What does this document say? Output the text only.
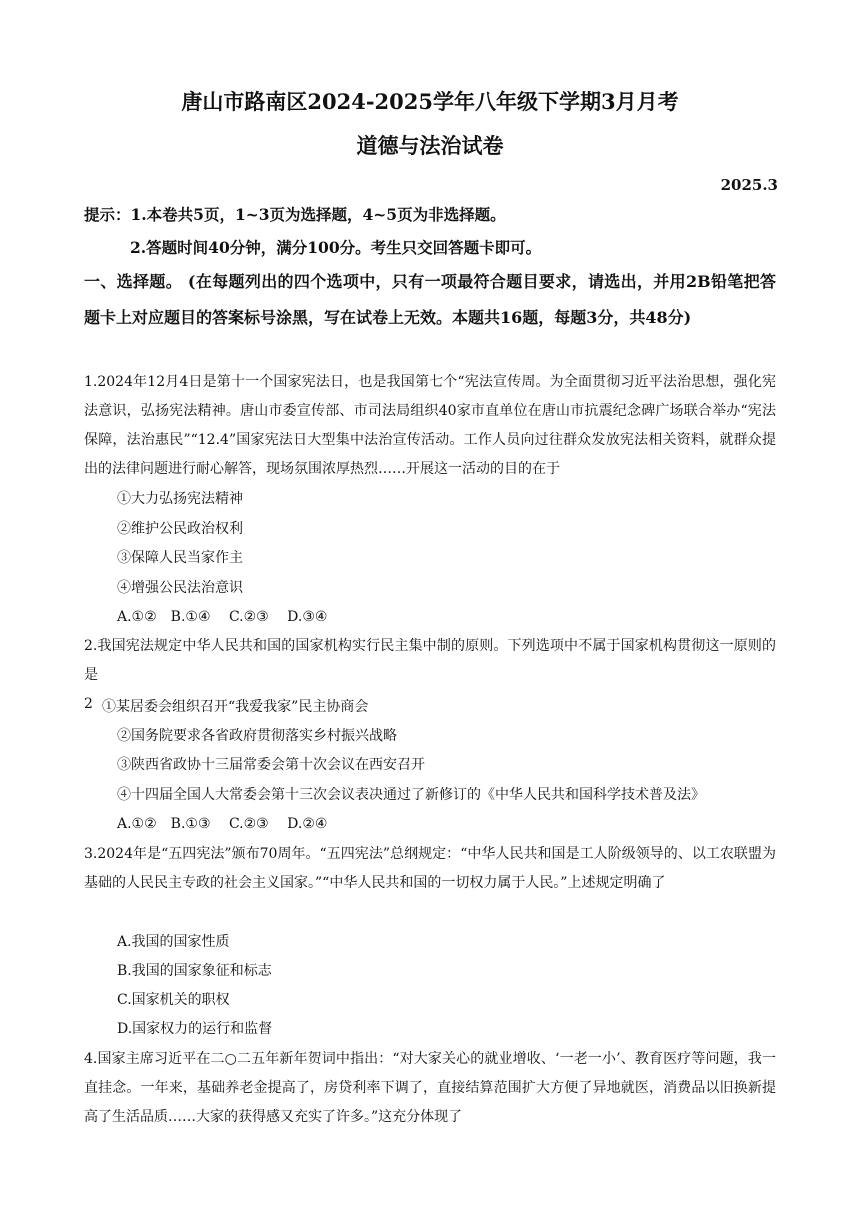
唐山市路南区2024-2025学年八年级下学期3月月考
道德与法治试卷
2025.3
提示：1.本卷共5页，1~3页为选择题，4~5页为非选择题。
2.答题时间40分钟，满分100分。考生只交回答题卡即可。
一、选择题。 (在每题列出的四个选项中，只有一项最符合题目要求，请选出，并用2B铅笔把答题卡上对应题目的答案标号涂黑，写在试卷上无效。本题共16题，每题3分，共48分)
1.2024年12月4日是第十一个国家宪法日，也是我国第七个“宪法宣传周。为全面贯彻习近平法治思想，强化宪法意识，弘扬宪法精神。唐山市委宣传部、市司法局组织40家市直单位在唐山市抗震纪念碑广场联合举办“宪法保障，法治惠民”“12.4”国家宪法日大型集中法治宣传活动。工作人员向过往群众发放宪法相关资料，就群众提出的法律问题进行耐心解答，现场氛围浓厚热烈……开展这一活动的目的在于
①大力弘扬宪法精神
②维护公民政治权利
③保障人民当家作主
④增强公民法治意识
A.①②　B.①④　 C.②③　 D.③④
2.我国宪法规定中华人民共和国的国家机构实行民主集中制的原则。下列选项中不属于国家机构贯彻这一原则的是
2 ①某居委会组织召开“我爱我家”民主协商会
②国务院要求各省政府贯彻落实乡村振兴战略
③陕西省政协十三届常委会第十次会议在西安召开
④十四届全国人大常委会第十三次会议表决通过了新修订的《中华人民共和国科学技术普及法》
A.①②　B.①③　 C.②③　 D.②④
3.2024年是“五四宪法”颁布70周年。“五四宪法”总纲规定：“中华人民共和国是工人阶级领导的、以工农联盟为基础的人民民主专政的社会主义国家。”“中华人民共和国的一切权力属于人民。”上述规定明确了
A.我国的国家性质
B.我国的国家象征和标志
C.国家机关的职权
D.国家权力的运行和监督
4.国家主席习近平在二○二五年新年贺词中指出：“对大家关心的就业增收、‘一老一小’、教育医疗等问题，我一直挂念。一年来，基础养老金提高了，房贷利率下调了，直接结算范围扩大方便了异地就医，消费品以旧换新提高了生活品质……大家的获得感又充实了许多。”这充分体现了
